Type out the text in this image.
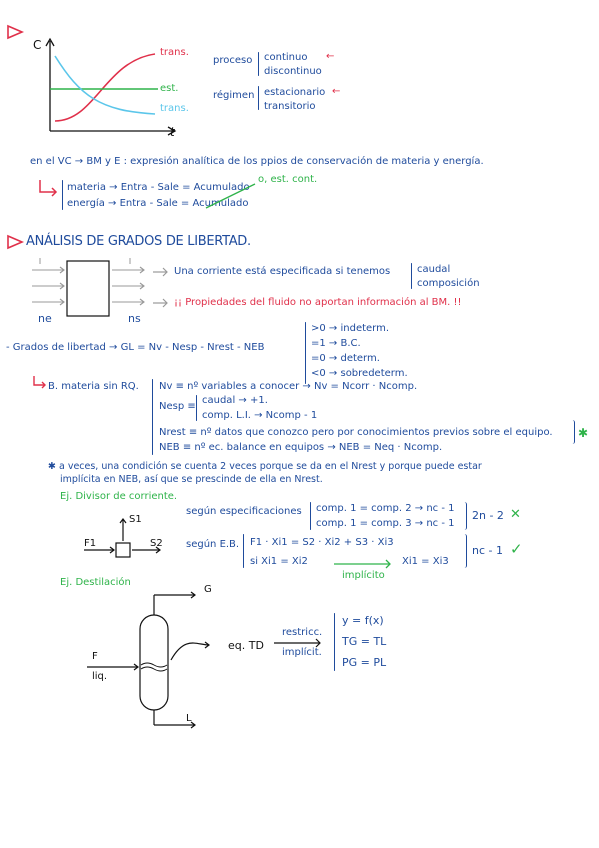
C
t
trans.
est.
trans.
proceso continuo ←
discontinuo
régimen estacionario ←
transitorio
en el VC → BM y E : expresión analítica de los ppios de conservación de materia y energía.
materia → Entra - Sale = Acumulado
o, est. cont.
energía → Entra - Sale = Acumulado
ANÁLISIS DE GRADOS DE LIBERTAD.
ne	ns
Una corriente está especificada si tenemos	caudal
composición
¡¡ Propiedades del fluido no aportan información al BM. !!
- Grados de libertad → GL = Nv - Nesp - Nrest - NEB
>0 → indeterm.
=1 → B.C.
=0 → determ.
<0 → sobredeterm.
B. materia sin RQ. Nv ≡ nº variables a conocer → Nv = Ncorr · Ncomp.
Nesp ≡
caudal → +1.
comp. L.I. → Ncomp - 1
Nrest ≡ nº datos que conozco pero por conocimientos previos sobre el equipo.
NEB ≡ nº ec. balance en equipos → NEB = Neq · Ncomp.
✱
✱ a veces, una condición se cuenta 2 veces porque se da en el Nrest y porque puede estar
implícita en NEB, así que se prescinde de ella en Nrest.
Ej. Divisor de corriente.
S1
S2
F1
según especificaciones comp. 1 = comp. 2 → nc - 1
comp. 1 = comp. 3 → nc - 1
2n - 2 ✕
según E.B. F1 · Xi1 = S2 · Xi2 + S3 · Xi3
si Xi1 = Xi2
implícito
Xi1 = Xi3
nc - 1 ✓
Ej. Destilación
G
F
liq.
L
eq. TD
restricc.
implícit.
y = f(x)
TG = TL
PG = PL
